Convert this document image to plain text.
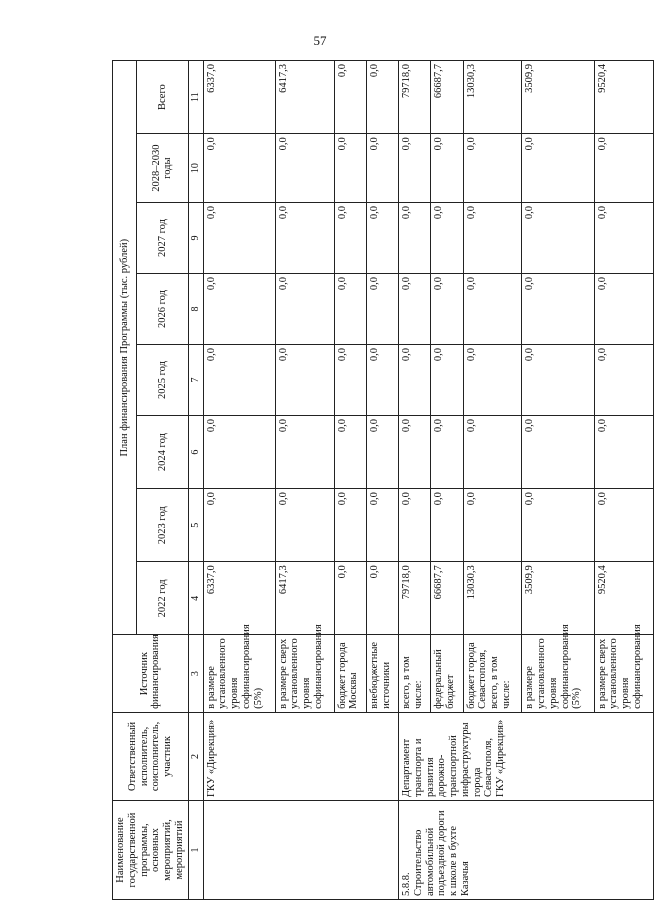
57
Наименование государственной программы, основных мероприятий, мероприятий	Ответственный исполнитель, соисполнитель, участник	Источник финансирования	План финансирования Программы (тыс. рублей)							
			2022 год	2023 год	2024 год	2025 год	2026 год	2027 год	2028–2030 годы	Всего
1	2	3	4	5	6	7	8	9	10	11
	ГКУ «Дирекция»	в размере установленного уровня софинансирования (5%)	6337,0	0,0	0,0	0,0	0,0	0,0	0,0	6337,0
		в размере сверх установленного уровня софинансирования	6417,3	0,0	0,0	0,0	0,0	0,0	0,0	6417,3
		бюджет города Москвы	0,0	0,0	0,0	0,0	0,0	0,0	0,0	0,0
		внебюджетные источники	0,0	0,0	0,0	0,0	0,0	0,0	0,0	0,0
5.8.8. Строительство автомобильной подъездной дороги к школе в бухте Казачья	Департамент транспорта и развития дорожно-транспортной инфраструктуры города Севастополя, ГКУ «Дирекция»	всего, в том числе:	79718,0	0,0	0,0	0,0	0,0	0,0	0,0	79718,0
		федеральный бюджет	66687,7	0,0	0,0	0,0	0,0	0,0	0,0	66687,7
		бюджет города Севастополя, всего, в том числе:	13030,3	0,0	0,0	0,0	0,0	0,0	0,0	13030,3
		в размере установленного уровня софинансирования (5%)	3509,9	0,0	0,0	0,0	0,0	0,0	0,0	3509,9
		в размере сверх установленного уровня софинансирования	9520,4	0,0	0,0	0,0	0,0	0,0	0,0	9520,4
